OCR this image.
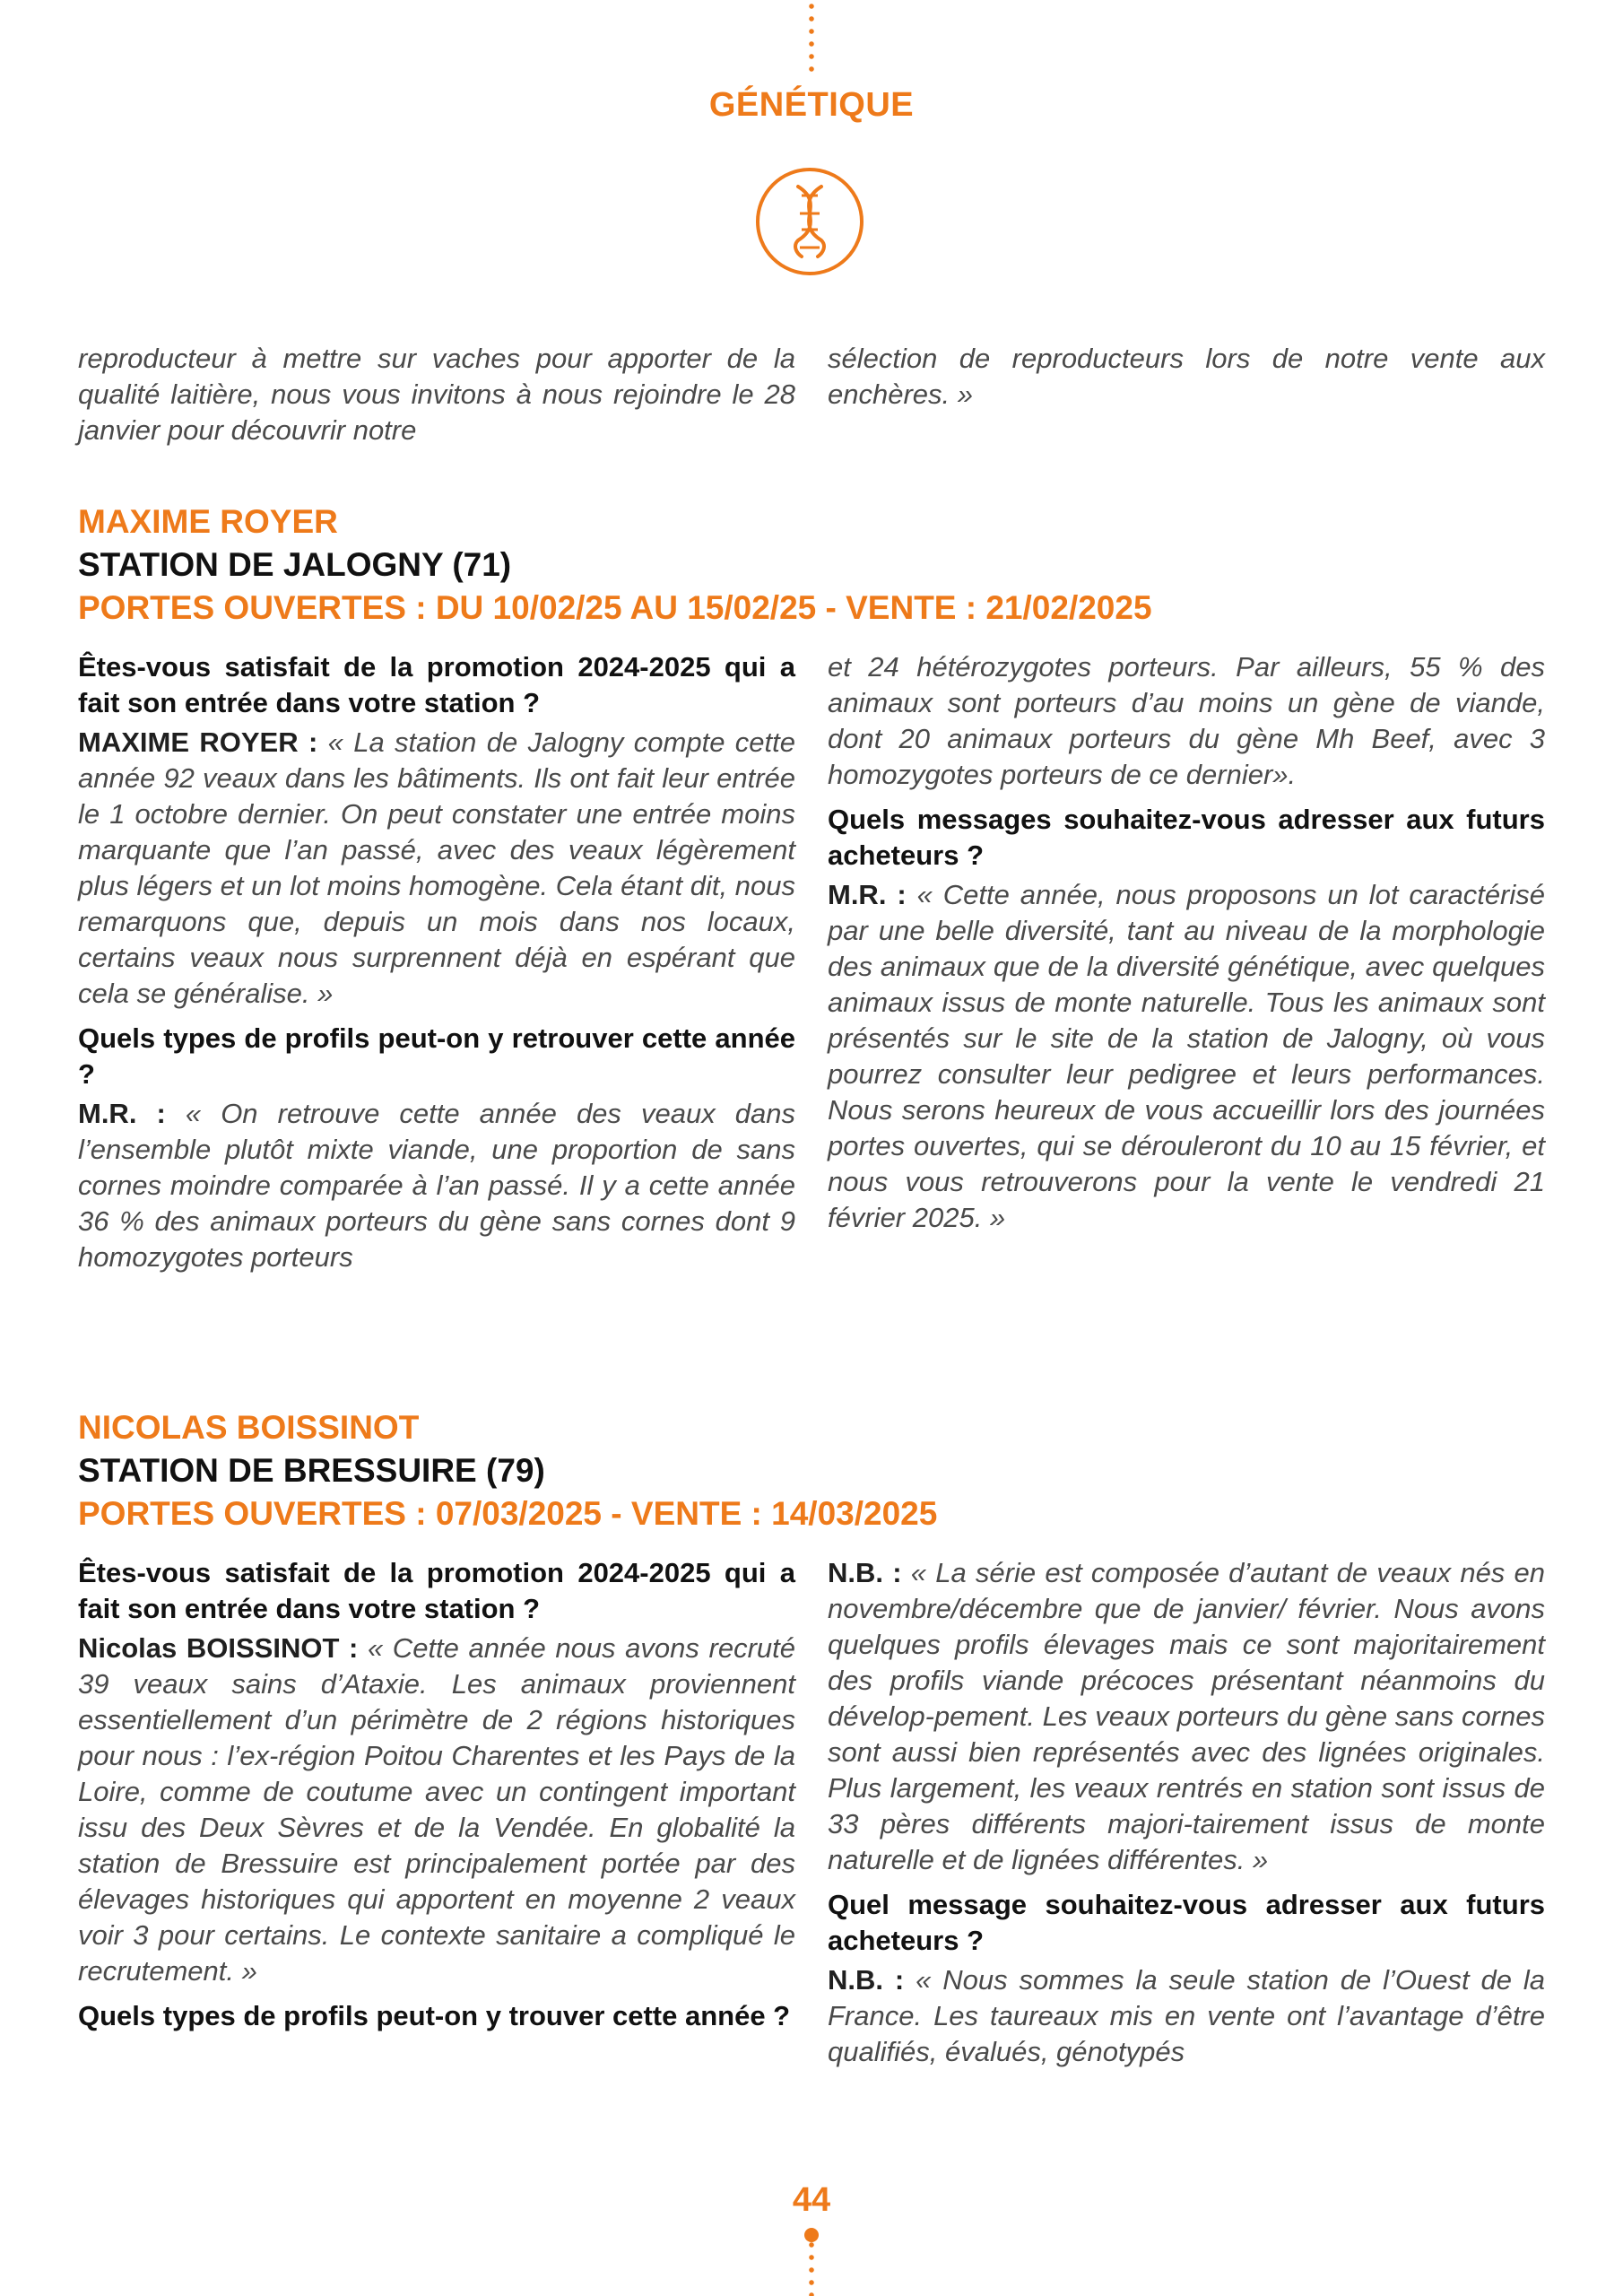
GÉNÉTIQUE

reproducteur à mettre sur vaches pour apporter de la qualité laitière, nous vous invitons à nous rejoindre le 28 janvier pour découvrir notre

sélection de reproducteurs lors de notre vente aux enchères. »

MAXIME ROYER
STATION DE JALOGNY (71)
PORTES OUVERTES : DU 10/02/25 AU 15/02/25 - VENTE : 21/02/2025
Êtes-vous satisfait de la promotion 2024-2025 qui a fait son entrée dans votre station ?

MAXIME ROYER : « La station de Jalogny compte cette année 92 veaux dans les bâtiments. Ils ont fait leur entrée le 1 octobre dernier. On peut constater une entrée moins marquante que l’an passé, avec des veaux légèrement plus légers et un lot moins homogène. Cela étant dit, nous remarquons que, depuis un mois dans nos locaux, certains veaux nous surprennent déjà en espérant que cela se généralise. »

Quels types de profils peut-on y retrouver cette année ?

M.R. : « On retrouve cette année des veaux dans l’ensemble plutôt mixte viande, une proportion de sans cornes moindre comparée à l’an passé. Il y a cette année 36 % des animaux porteurs du gène sans cornes dont 9 homozygotes porteurs

et 24 hétérozygotes porteurs. Par ailleurs, 55 % des animaux sont porteurs d’au moins un gène de viande, dont 20 animaux porteurs du gène Mh Beef, avec 3 homozygotes porteurs de ce dernier».

Quels messages souhaitez-vous adresser aux futurs acheteurs ?

M.R. : « Cette année, nous proposons un lot caractérisé par une belle diversité, tant au niveau de la morphologie des animaux que de la diversité génétique, avec quelques animaux issus de monte naturelle. Tous les animaux sont présentés sur le site de la station de Jalogny, où vous pourrez consulter leur pedigree et leurs performances. Nous serons heureux de vous accueillir lors des journées portes ouvertes, qui se dérouleront du 10 au 15 février, et nous vous retrouverons pour la vente le vendredi 21 février 2025. »

NICOLAS BOISSINOT
STATION DE BRESSUIRE (79)
PORTES OUVERTES : 07/03/2025 - VENTE : 14/03/2025
Êtes-vous satisfait de la promotion 2024-2025 qui a fait son entrée dans votre station ?

Nicolas BOISSINOT : « Cette année nous avons recruté 39 veaux sains d’Ataxie. Les animaux proviennent essentiellement d’un périmètre de 2 régions historiques pour nous : l’ex-région Poitou Charentes et les Pays de la Loire, comme de coutume avec un contingent important issu des Deux Sèvres et de la Vendée. En globalité la station de Bressuire est principalement portée par des élevages historiques qui apportent en moyenne 2 veaux voir 3 pour certains. Le contexte sanitaire a compliqué le recrutement. »

Quels types de profils peut-on y trouver cette année ?

N.B. : « La série est composée d’autant de veaux nés en novembre/décembre que de janvier/ février. Nous avons quelques profils élevages mais ce sont majoritairement des profils viande précoces présentant néanmoins du dévelop-pement. Les veaux porteurs du gène sans cornes sont aussi bien représentés avec des lignées originales. Plus largement, les veaux rentrés en station sont issus de 33 pères différents majori-tairement issus de monte naturelle et de lignées différentes. »

Quel message souhaitez-vous adresser aux futurs acheteurs ?

N.B. : « Nous sommes la seule station de l’Ouest de la France. Les taureaux mis en vente ont l’avantage d’être qualifiés, évalués, génotypés

44
